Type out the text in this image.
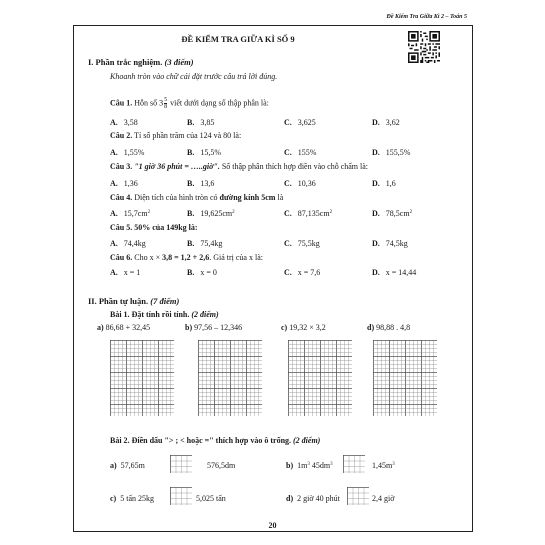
Đề Kiểm Tra Giữa Kì 2 – Toán 5
ĐỀ KIỂM TRA GIỮA KÌ SỐ 9
I. Phần trắc nghiệm. (3 điểm)
Khoanh tròn vào chữ cái đặt trước câu trả lời đúng.
Câu 1. Hỗn số $3 \frac{5}{8}$ viết dưới dạng số thập phân là:
A. 3,58	B. 3,85	C. 3,625	D. 3,62
Câu 2. Tỉ số phần trăm của 124 và 80 là:
A. 1,55%	B. 15,5%	C. 155%	D. 155,5%
Câu 3. "1 giờ 36 phút = …..giờ". Số thập phân thích hợp điền vào chỗ chấm là:
A. 1,36	B. 13,6	C. 10,36	D. 1,6
Câu 4. Diện tích của hình tròn có đường kính 5cm là
A. $15,7cm^2$	B. $19,625cm^2$	C. $87,135cm^2$	D. $78,5cm^2$
Câu 5. 50% của 149kg là:
A. 74,4kg	B. 75,4kg	C. 75,5kg	D. 74,5kg
Câu 6. Cho x × 3,8 = 1,2 + 2,6. Giá trị của x là:
A. x = 1	B. x = 0	C. x = 7,6	D. x = 14,44
II. Phần tự luận. (7 điểm)
Bài 1. Đặt tính rồi tính. (2 điểm)
a) 86,68 + 32,45	b) 97,56 – 12,346	c) 19,32 × 3,2	d) 98,88 . 4,8
Bài 2. Điền dấu "> ; < hoặc =" thích hợp vào ô trống. (2 điểm)
a) 57,65m	576,5dm	b) $1m^3$ $45dm^3$	$1,45m^3$
c) 5 tấn 25kg	5,025 tấn	d) 2 giờ 40 phút	2,4 giờ
20
